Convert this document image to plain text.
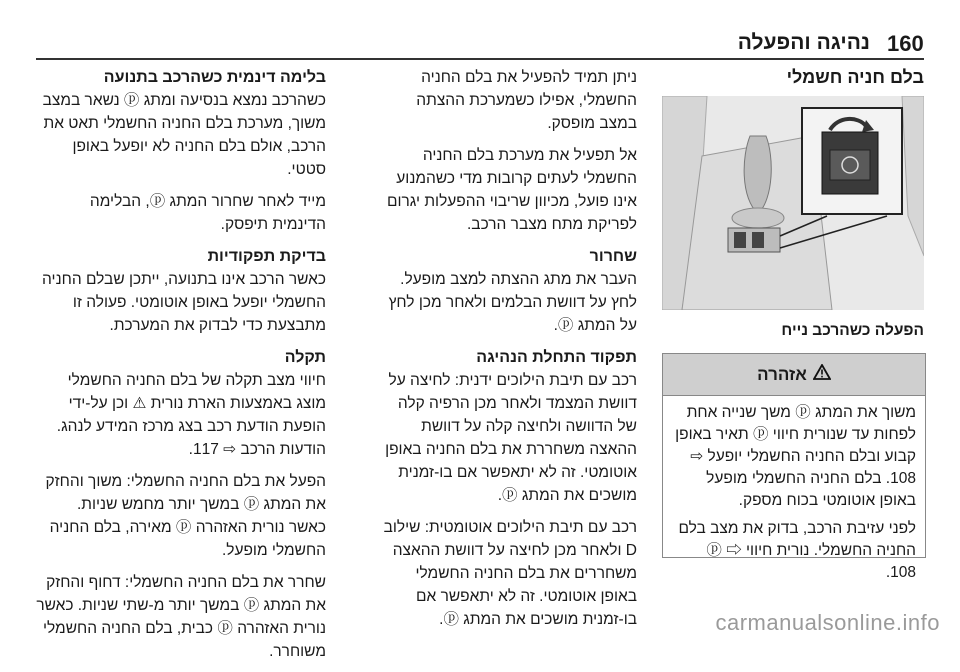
160
נהיגה והפעלה
בלם חניה חשמלי
הפעלה כשהרכב נייח
אזהרה

משוך את המתג ⓟ משך שנייה אחת לפחות עד שנורית חיווי ⓟ תאיר באופן קבוע ובלם החניה החשמלי יופעל ⇨ 108. בלם החניה החשמלי מופעל באופן אוטומטי בכוח מספק.

לפני עזיבת הרכב, בדוק את מצב בלם החניה החשמלי. נורית חיווי ⓟ ⇨ 108.

ניתן תמיד להפעיל את בלם החניה החשמלי, אפילו כשמערכת ההצתה במצב מופסק.

אל תפעיל את מערכת בלם החניה החשמלי לעתים קרובות מדי כשהמנוע אינו פועל, מכיוון שריבוי ההפעלות יגרום לפריקת מתח מצבר הרכב.

שחרור

העבר את מתג ההצתה למצב מופעל. לחץ על דוושת הבלמים ולאחר מכן לחץ על המתג ⓟ.

תפקוד התחלת הנהיגה

רכב עם תיבת הילוכים ידנית: לחיצה על דוושת המצמד ולאחר מכן הרפיה קלה של הדוושה ולחיצה קלה על דוושת ההאצה משחררת את בלם החניה באופן אוטומטי. זה לא יתאפשר אם בו-זמנית מושכים את המתג ⓟ.

רכב עם תיבת הילוכים אוטומטית: שילוב D ולאחר מכן לחיצה על דוושת ההאצה משחררים את בלם החניה החשמלי באופן אוטומטי. זה לא יתאפשר אם בו-זמנית מושכים את המתג ⓟ.

בלימה דינמית כשהרכב בתנועה

כשהרכב נמצא בנסיעה ומתג ⓟ נשאר במצב משוך, מערכת בלם החניה החשמלי תאט את הרכב, אולם בלם החניה לא יופעל באופן סטטי.

מייד לאחר שחרור המתג ⓟ, הבלימה הדינמית תיפסק.

בדיקת תפקודיות

כאשר הרכב אינו בתנועה, ייתכן שבלם החניה החשמלי יופעל באופן אוטומטי. פעולה זו מתבצעת כדי לבדוק את המערכת.

תקלה

חיווי מצב תקלה של בלם החניה החשמלי מוצג באמצעות הארת נורית ⚠ וכן על-ידי הופעת הודעת רכב בצג מרכז המידע לנהג. הודעות הרכב ⇨ 117.

הפעל את בלם החניה החשמלי: משוך והחזק את המתג ⓟ במשך יותר מחמש שניות. כאשר נורית האזהרה ⓟ מאירה, בלם החניה החשמלי מופעל.

שחרר את בלם החניה החשמלי: דחוף והחזק את המתג ⓟ במשך יותר מ-שתי שניות. כאשר נורית האזהרה ⓟ כבית, בלם החניה החשמלי משוחרר.

carmanualsonline.info
